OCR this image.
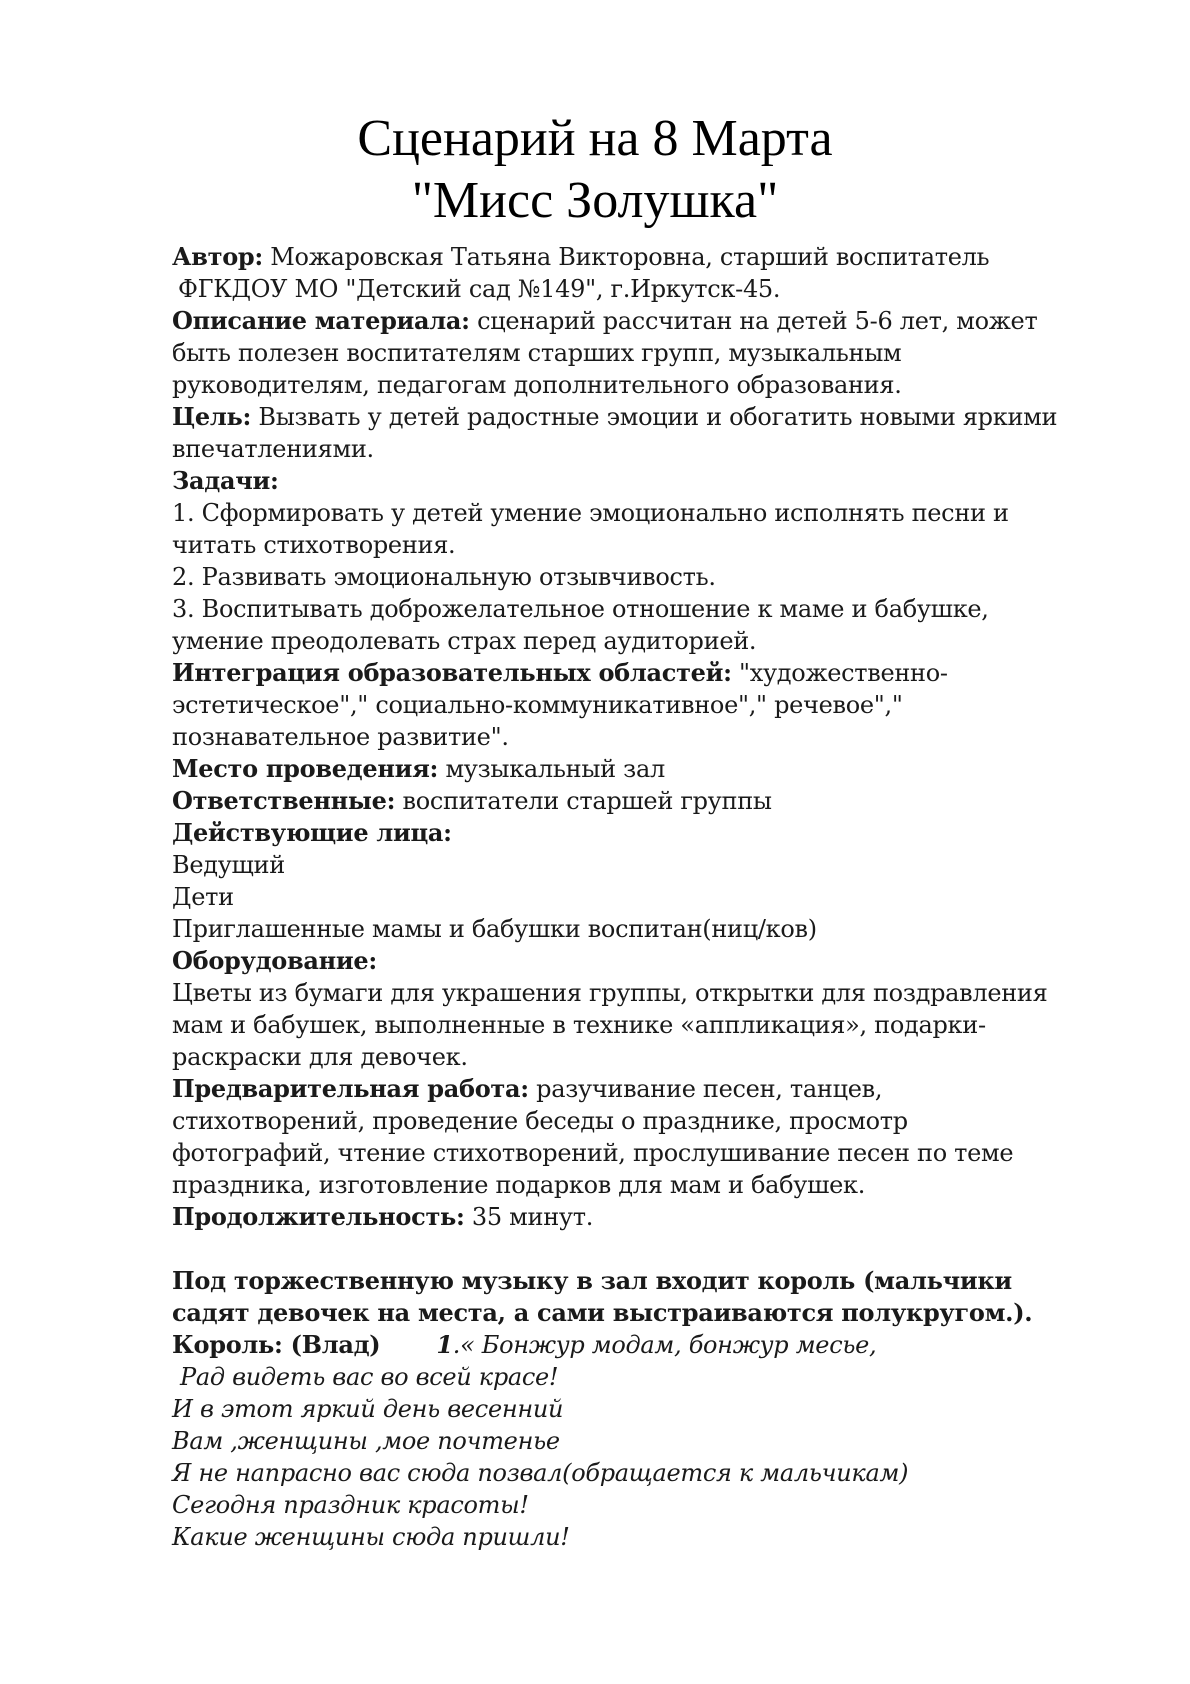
Сценарий на 8 Марта
"Мисс Золушка"

Автор: Можаровская Татьяна Викторовна, старший воспитатель

ФГКДОУ МО "Детский сад №149", г.Иркутск-45.

Описание материала: сценарий рассчитан на детей 5-6 лет, может

быть полезен воспитателям старших групп, музыкальным

руководителям, педагогам дополнительного образования.

Цель: Вызвать у детей радостные эмоции и обогатить новыми яркими

впечатлениями.

Задачи:

1. Сформировать у детей умение эмоционально исполнять песни и

читать стихотворения.

2. Развивать эмоциональную отзывчивость.

3. Воспитывать доброжелательное отношение к маме и бабушке,

умение преодолевать страх перед аудиторией.

Интеграция образовательных областей: "художественно-

эстетическое"," социально-коммуникативное"," речевое","

познавательное развитие".

Место проведения: музыкальный зал

Ответственные: воспитатели старшей группы

Действующие лица:

Ведущий

Дети

Приглашенные мамы и бабушки воспитан(ниц/ков)

Оборудование:

Цветы из бумаги для украшения группы, открытки для поздравления

мам и бабушек, выполненные в технике «аппликация», подарки-

раскраски для девочек.

Предварительная работа: разучивание песен, танцев,

стихотворений, проведение беседы о празднике, просмотр

фотографий, чтение стихотворений, прослушивание песен по теме

праздника, изготовление подарков для мам и бабушек.

Продолжительность: 35 минут.

Под торжественную музыку в зал входит король (мальчики

садят девочек на места, а сами выстраиваются полукругом.).

Король: (Влад) 1.« Бонжур модам, бонжур месье,

Рад видеть вас во всей красе!

И в этот яркий день весенний

Вам ,женщины ,мое почтенье

Я не напрасно вас сюда позвал(обращается к мальчикам)

Сегодня праздник красоты!

Какие женщины сюда пришли!
